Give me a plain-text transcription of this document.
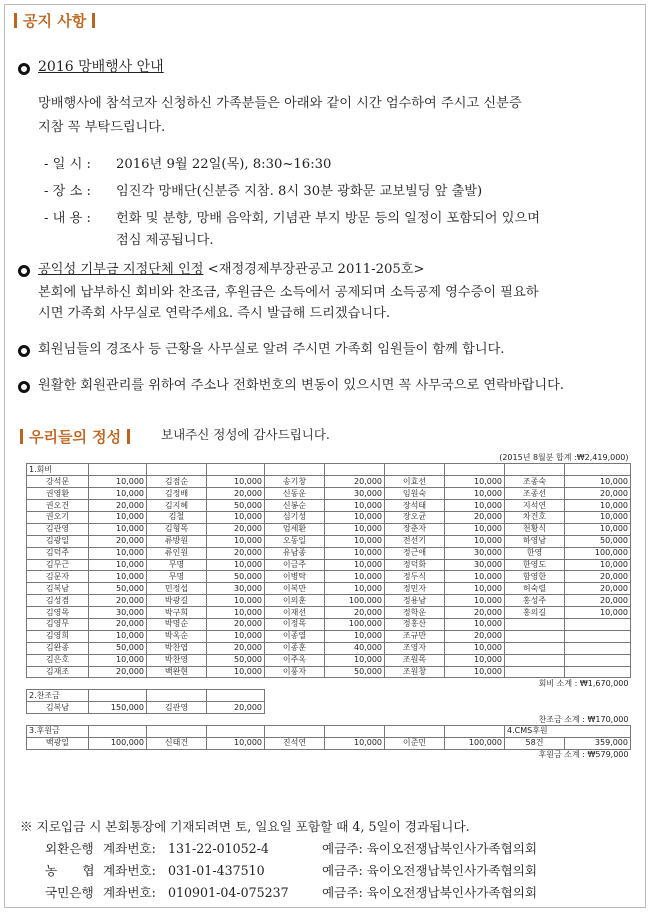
공지 사항
2016 망배행사 안내
망배행사에 참석코자 신청하신 가족분들은 아래와 같이 시간 엄수하여 주시고 신분증
지참 꼭 부탁드립니다.
- 일 시 : 2016년 9월 22일(목), 8:30~16:30
- 장 소 : 임진각 망배단(신분증 지참. 8시 30분 광화문 교보빌딩 앞 출발)
- 내 용 : 헌화 및 분향, 망배 음악회, 기념관 부지 방문 등의 일정이 포함되어 있으며
점심 제공됩니다.
공익성 기부금 지정단체 인정 <재정경제부장관공고 2011-205호>
본회에 납부하신 회비와 찬조금, 후원금은 소득에서 공제되며 소득공제 영수증이 필요하
시면 가족회 사무실로 연락주세요. 즉시 발급해 드리겠습니다.
회원님들의 경조사 등 근황을 사무실로 알려 주시면 가족회 임원들이 함께 합니다.
원활한 회원관리를 위하여 주소나 전화번호의 변동이 있으시면 꼭 사무국으로 연락바랍니다.
우리들의 정성	보내주신 정성에 감사드립니다.
(2015년 8월분 합계 :₩2,419,000)									
1.회비									
강석문	10,000	김점순	10,000	송기창	20,000	이효선	10,000	조종숙	10,000
권영환	10,000	김정배	20,000	신동운	30,000	임원숙	10,000	조종선	20,000
권오건	20,000	김지혜	50,000	신봉순	10,000	장석태	10,000	지석연	10,000
권오기	10,000	김철	10,000	심기성	10,000	장오균	20,000	차건호	10,000
김관영	10,000	김형목	20,000	엄세환	10,000	장춘자	10,000	천황식	10,000
김광일	20,000	류방원	10,000	오동일	10,000	전선기	10,000	하영남	50,000
김덕주	10,000	류인원	20,000	유남종	10,000	정근애	30,000	한영	100,000
김무근	10,000	무명	10,000	이금주	10,000	정덕화	30,000	한영도	10,000
김문자	10,000	무명	50,000	이병탁	10,000	정두식	10,000	함영한	20,000
김복남	50,000	민정섭	30,000	이복만	10,000	정민자	10,000	허숙렬	20,000
김성겸	20,000	박광길	10,000	이의훈	100,000	정용남	10,000	홍성주	20,000
김영목	30,000	박구희	10,000	이재선	20,000	정학운	20,000	홍의길	10,000
김영무	20,000	박명순	20,000	이정목	100,000	정홍산	10,000		
김영희	10,000	박옥순	10,000	이종열	10,000	조규만	20,000		
김완종	50,000	박찬엽	20,000	이종훈	40,000	조영자	10,000		
김은호	10,000	박찬영	50,000	이주옥	10,000	조원목	10,000		
김재조	20,000	백완현	10,000	이풍자	50,000	조원창	10,000		
회비 소계 : ₩1,670,000									
2.찬조금									
김복남	150,000	김관영	20,000						
찬조금 소계 : ₩170,000									
3.후원금								4.CMS후원	
백광일	100,000	신태건	10,000	진석연	10,000	이준민	100,000	58건	359,000
후원금 소계 : ₩579,000									
※ 지로입금 시 본회통장에 기재되려면 토, 일요일 포함할 때 4, 5일이 경과됩니다.
외환은행 계좌번호: 131-22-01052-4	예금주: 육이오전쟁납북인사가족협의회
농　　협 계좌번호: 031-01-437510	예금주: 육이오전쟁납북인사가족협의회
국민은행 계좌번호: 010901-04-075237	예금주: 육이오전쟁납북인사가족협의회
